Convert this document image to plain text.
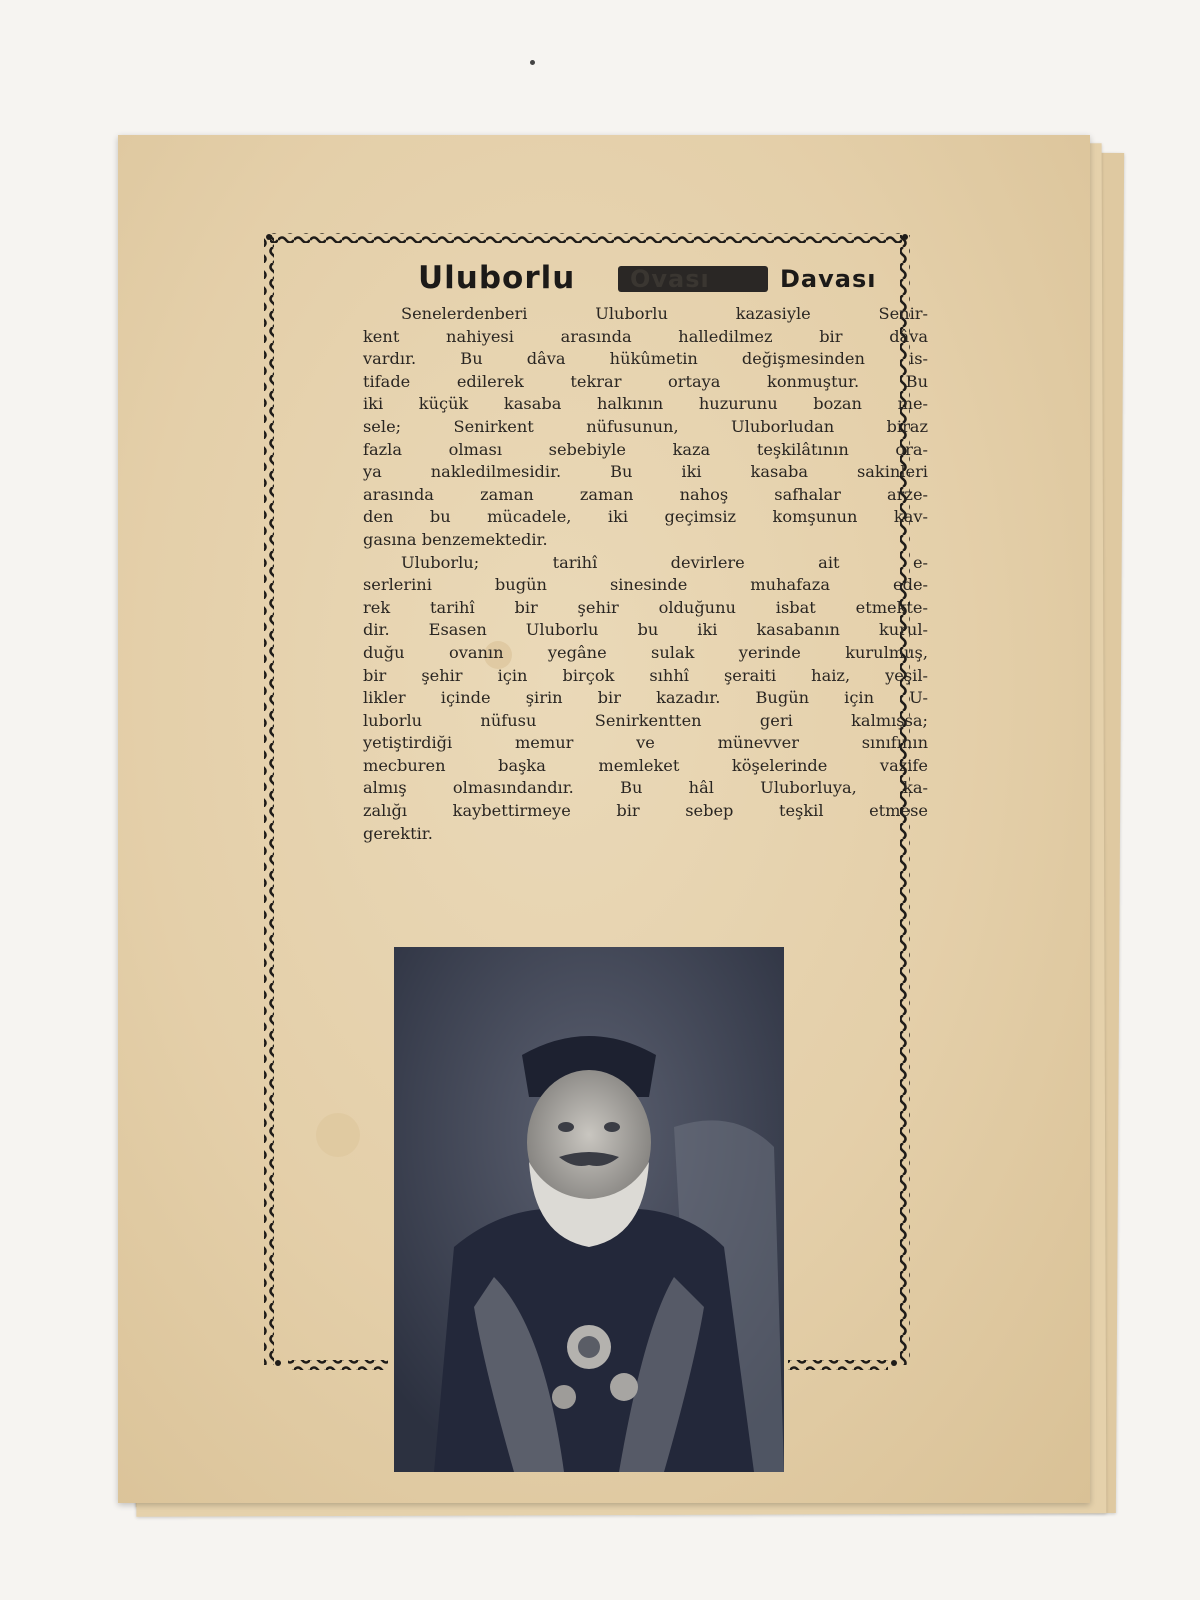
Uluborlu Ovası	Davası

Senelerdenberi Uluborlu kazasiyle Senir-
kent nahiyesi arasında halledilmez bir dâva
vardır. Bu dâva hükûmetin değişmesinden is-
tifade edilerek tekrar ortaya konmuştur. Bu
iki küçük kasaba halkının huzurunu bozan me-
sele; Senirkent nüfusunun, Uluborludan biraz
fazla olması sebebiyle kaza teşkilâtının ora-
ya nakledilmesidir. Bu iki kasaba sakinleri
arasında zaman zaman nahoş safhalar arze-
den bu mücadele, iki geçimsiz komşunun kav-
gasına benzemektedir.

Uluborlu; tarihî devirlere ait e-
serlerini bugün sinesinde muhafaza ede-
rek tarihî bir şehir olduğunu isbat etmekte-
dir. Esasen Uluborlu bu iki kasabanın kurul-
duğu ovanın yegâne sulak yerinde kurulmuş,
bir şehir için birçok sıhhî şeraiti haiz, yeşil-
likler içinde şirin bir kazadır. Bugün için U-
luborlu nüfusu Senirkentten geri kalmışsa;
yetiştirdiği memur ve münevver sınıfının
mecburen başka memleket köşelerinde vazife
almış olmasındandır. Bu hâl Uluborluya, ka-
zalığı kaybettirmeye bir sebep teşkil etmese
gerektir.
